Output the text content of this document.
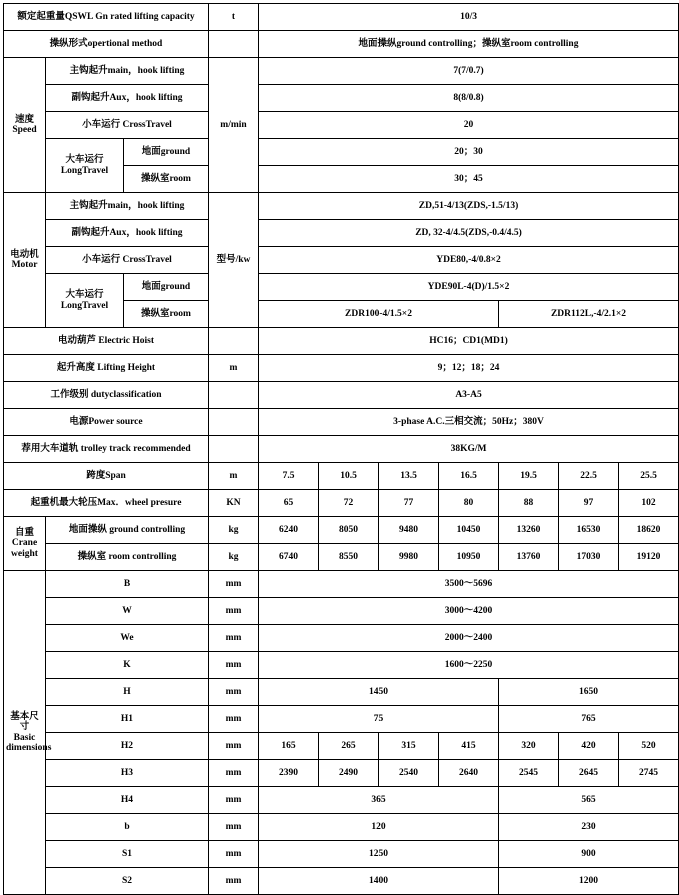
额定起重量QSWL Gn rated lifting capacity			t	10/3						
操纵形式opertional method				地面操纵ground controlling；操纵室room controlling						

速度
Speed	主钩起升main，hook lifting		m/min	7(7/0.7)						
	副钩起升Aux，hook lifting			8(8/0.8)						
	小车运行 CrossTravel			20						

	大车运行
LongTravel	地面ground		20；30						
		操纵室room		30；45						

电动机
Motor	主钩起升main，hook lifting		型号/kw	ZD,51-4/13(ZDS,-1.5/13)						
	副钩起升Aux，hook lifting			ZD, 32-4/4.5(ZDS,-0.4/4.5)						
	小车运行 CrossTravel			YDE80,-4/0.8×2						

	大车运行
LongTravel	地面ground		YDE90L-4(D)/1.5×2						
		操纵室room		ZDR100-4/1.5×2				ZDR112L,-4/2.1×2		
电动葫芦 Electric Hoist				HC16；CD1(MD1)						
起升高度 Lifting Height			m	9；12；18；24						
工作级别 dutyclassification				A3-A5						
电源Power source				3-phase A.C.三相交流；50Hz；380V						
荐用大车道轨 trolley track recommended				38KG/M						
跨度Span			m	7.5	10.5	13.5	16.5	19.5	22.5	25.5
起重机最大轮压Max．wheel presure			KN	65	72	77	80	88	97	102

自重
Crane
weight	地面操纵 ground controlling		kg	6240	8050	9480	10450	13260	16530	18620
	操纵室 room controlling		kg	6740	8550	9980	10950	13760	17030	19120

基本尺寸
Basic
dimensions	B		mm	3500～5696						
	W		mm	3000～4200						
	We		mm	2000～2400						
	K		mm	1600～2250						
	H		mm	1450				1650		
	H1		mm	75				765		
	H2		mm	165	265	315	415	320	420	520
	H3		mm	2390	2490	2540	2640	2545	2645	2745
	H4		mm	365				565		
	b		mm	120				230		
	S1		mm	1250				900		
	S2		mm	1400				1200		
